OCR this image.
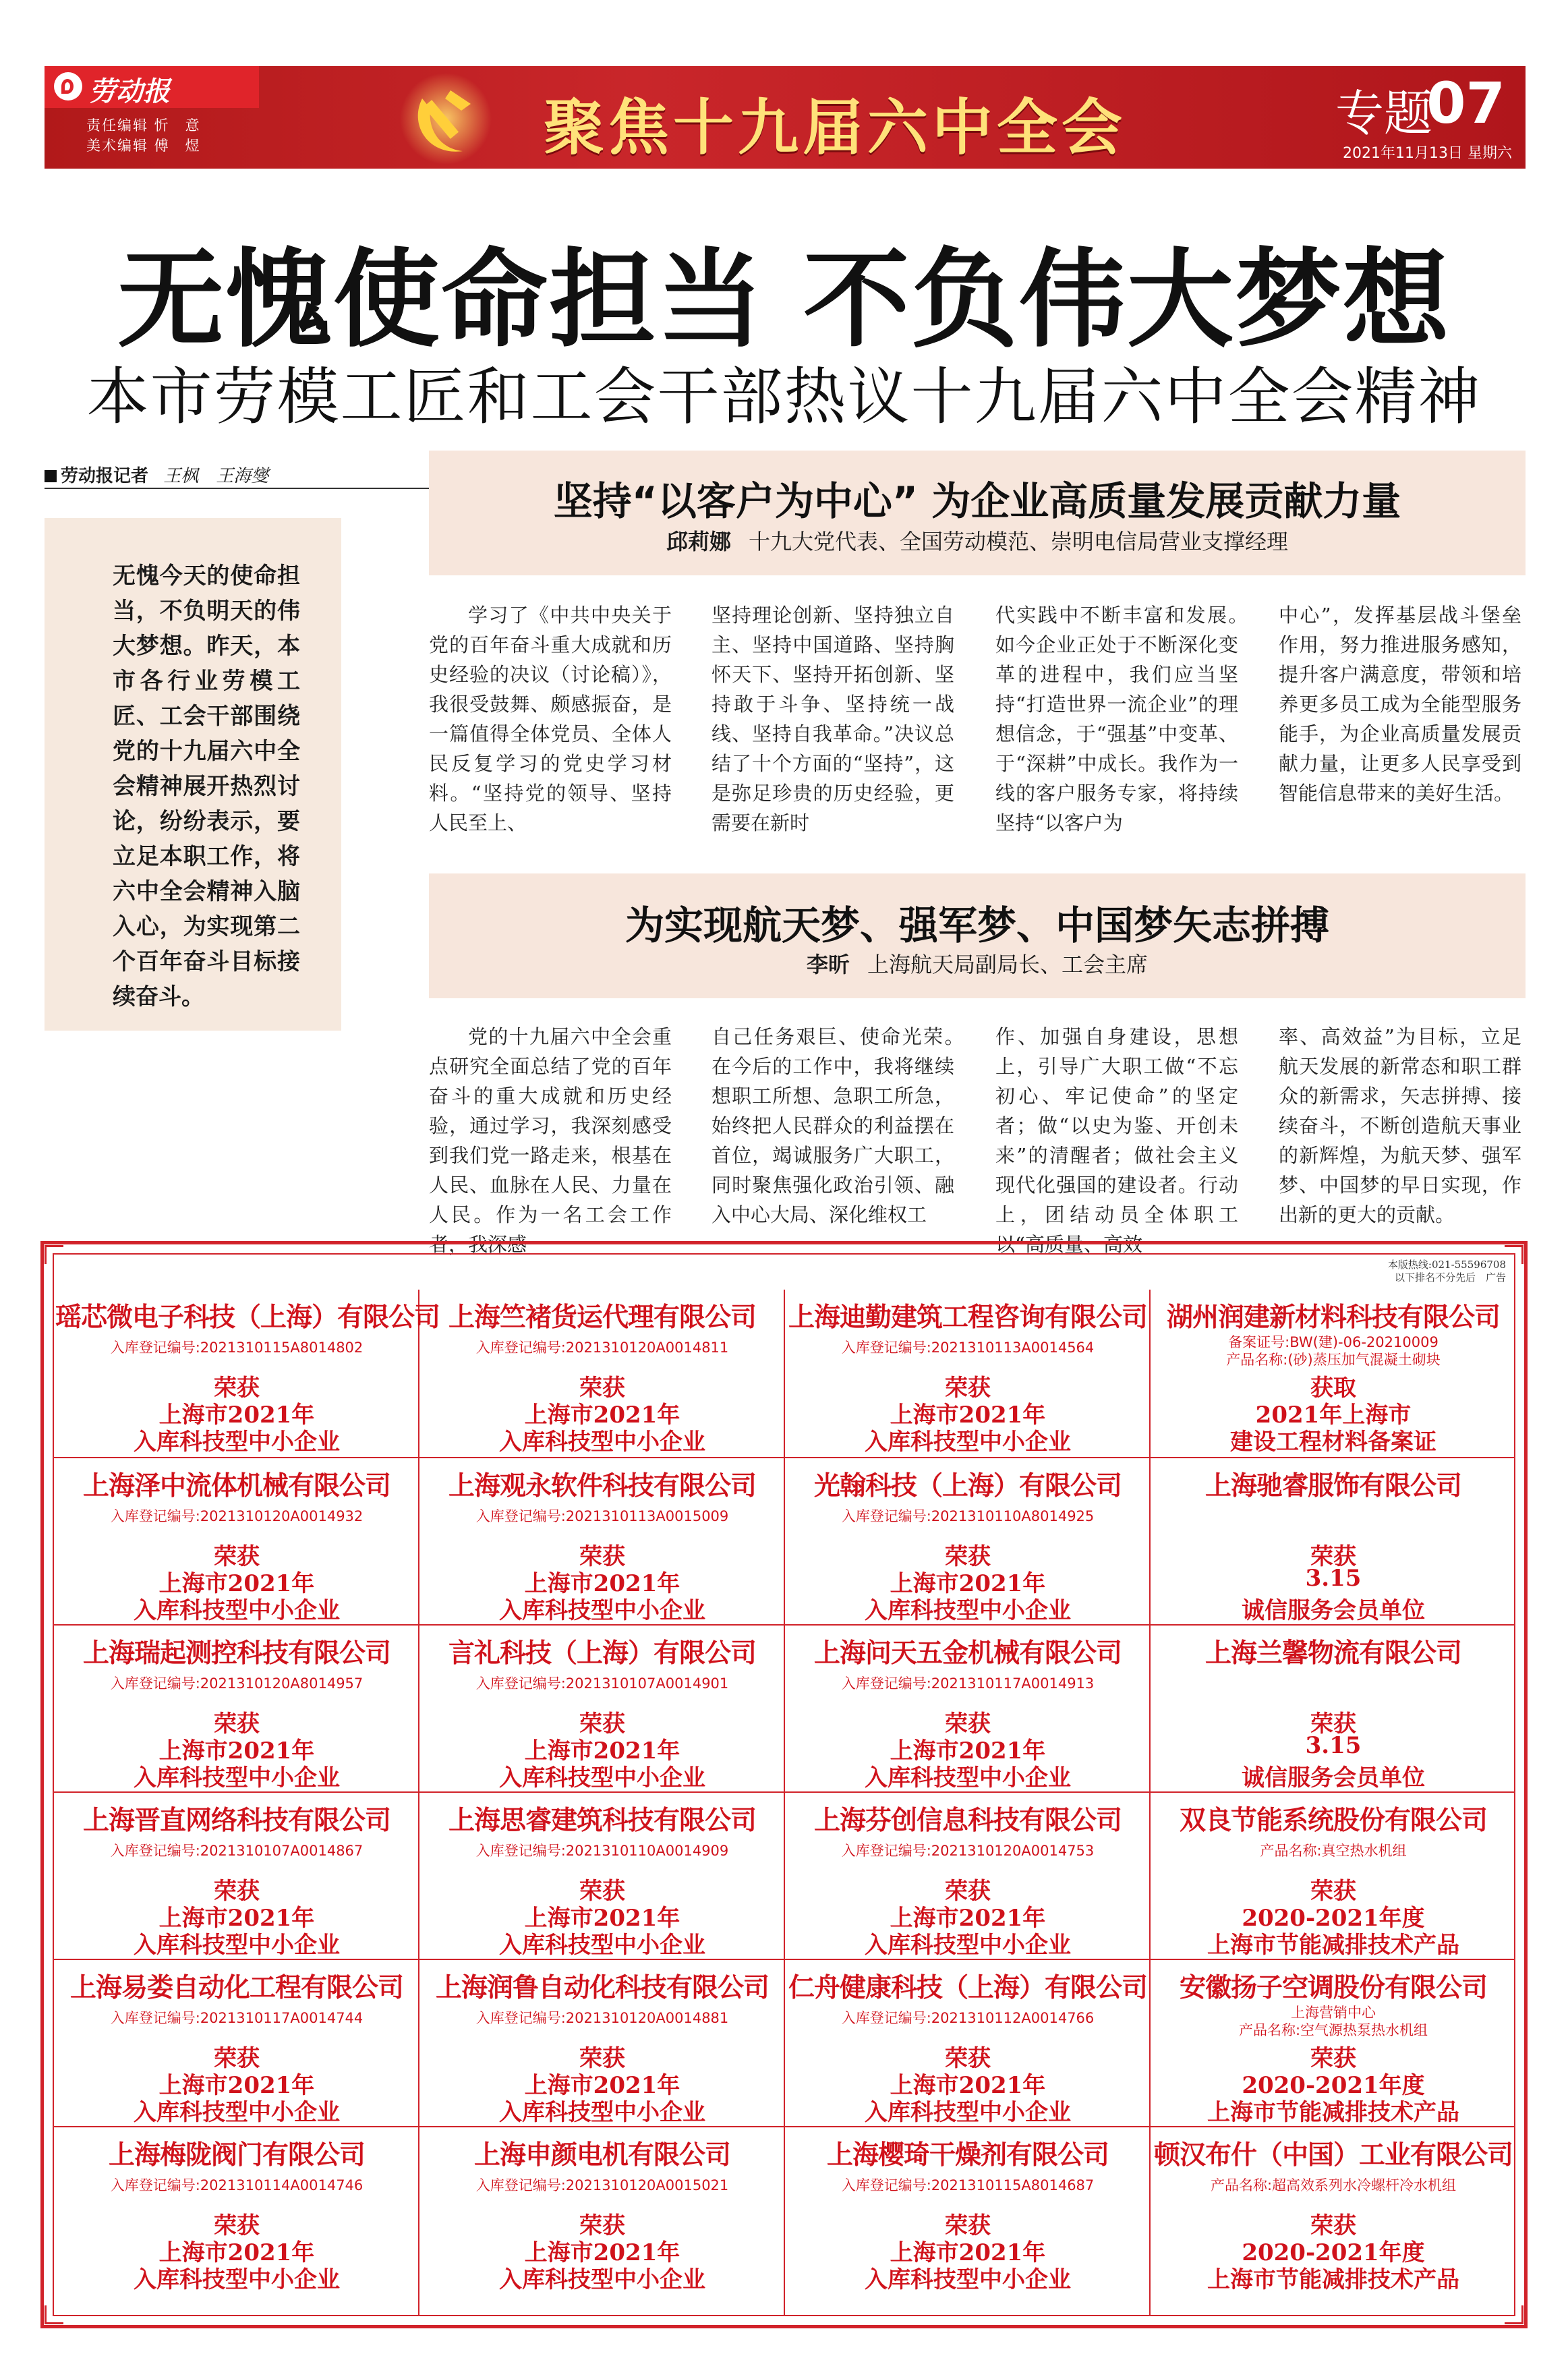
劳动报
责任编辑 忻　意
美术编辑 傅　煜	聚焦十九届六中全会	专题
07
2021年11月13日 星期六
无愧使命担当 不负伟大梦想
本市劳模工匠和工会干部热议十九届六中全会精神
劳动报记者 王枫　王海燮
无愧今天的使命担当，不负明天的伟大梦想。昨天，本市各行业劳模工匠、工会干部围绕党的十九届六中全会精神展开热烈讨论，纷纷表示，要立足本职工作，将六中全会精神入脑入心，为实现第二个百年奋斗目标接续奋斗。
坚持“以客户为中心” 为企业高质量发展贡献力量
邱莉娜 十九大党代表、全国劳动模范、崇明电信局营业支撑经理
学习了《中共中央关于党的百年奋斗重大成就和历史经验的决议（讨论稿）》，我很受鼓舞、颇感振奋，是一篇值得全体党员、全体人民反复学习的党史学习材料。“坚持党的领导、坚持人民至上、
坚持理论创新、坚持独立自主、坚持中国道路、坚持胸怀天下、坚持开拓创新、坚持敢于斗争、坚持统一战线、坚持自我革命。”决议总结了十个方面的“坚持”，这是弥足珍贵的历史经验，更需要在新时
代实践中不断丰富和发展。　如今企业正处于不断深化变革的进程中，我们应当坚持“打造世界一流企业”的理想信念，于“强基”中变革、于“深耕”中成长。我作为一线的客户服务专家，将持续坚持“以客户为
中心”，发挥基层战斗堡垒作用，努力推进服务感知，提升客户满意度，带领和培养更多员工成为全能型服务能手，为企业高质量发展贡献力量，让更多人民享受到智能信息带来的美好生活。
为实现航天梦、强军梦、中国梦矢志拼搏
李昕 上海航天局副局长、工会主席
党的十九届六中全会重点研究全面总结了党的百年奋斗的重大成就和历史经验，通过学习，我深刻感受到我们党一路走来，根基在人民、血脉在人民、力量在人民。作为一名工会工作者，我深感
自己任务艰巨、使命光荣。　在今后的工作中，我将继续想职工所想、急职工所急，始终把人民群众的利益摆在首位，竭诚服务广大职工，同时聚焦强化政治引领、融入中心大局、深化维权工
作、加强自身建设，思想上，引导广大职工做“不忘初心、牢记使命”的坚定者；做“以史为鉴、开创未来”的清醒者；做社会主义现代化强国的建设者。行动上，团结动员全体职工以“高质量、高效
率、高效益”为目标，立足航天发展的新常态和职工群众的新需求，矢志拼搏、接续奋斗，不断创造航天事业的新辉煌，为航天梦、强军梦、中国梦的早日实现，作出新的更大的贡献。
本版热线:021-55596708
以下排名不分先后　广告
瑶芯微电子科技（上海）有限公司
入库登记编号:2021310115A8014802
荣获
上海市2021年
入库科技型中小企业
上海竺褚货运代理有限公司
入库登记编号:2021310120A0014811
荣获
上海市2021年
入库科技型中小企业
上海迪勤建筑工程咨询有限公司
入库登记编号:2021310113A0014564
荣获
上海市2021年
入库科技型中小企业
湖州润建新材料科技有限公司
备案证号:BW(建)-06-20210009
产品名称:(砂)蒸压加气混凝土砌块
获取
2021年上海市
建设工程材料备案证
上海泽中流体机械有限公司
入库登记编号:2021310120A0014932
荣获
上海市2021年
入库科技型中小企业
上海观永软件科技有限公司
入库登记编号:2021310113A0015009
荣获
上海市2021年
入库科技型中小企业
光翰科技（上海）有限公司
入库登记编号:2021310110A8014925
荣获
上海市2021年
入库科技型中小企业
上海驰睿服饰有限公司
荣获
3.15
诚信服务会员单位
上海瑞起测控科技有限公司
入库登记编号:2021310120A8014957
荣获
上海市2021年
入库科技型中小企业
言礼科技（上海）有限公司
入库登记编号:2021310107A0014901
荣获
上海市2021年
入库科技型中小企业
上海问天五金机械有限公司
入库登记编号:2021310117A0014913
荣获
上海市2021年
入库科技型中小企业
上海兰馨物流有限公司
荣获
3.15
诚信服务会员单位
上海晋直网络科技有限公司
入库登记编号:2021310107A0014867
荣获
上海市2021年
入库科技型中小企业
上海思睿建筑科技有限公司
入库登记编号:2021310110A0014909
荣获
上海市2021年
入库科技型中小企业
上海芬创信息科技有限公司
入库登记编号:2021310120A0014753
荣获
上海市2021年
入库科技型中小企业
双良节能系统股份有限公司
产品名称:真空热水机组
荣获
2020-2021年度
上海市节能减排技术产品
上海易娄自动化工程有限公司
入库登记编号:2021310117A0014744
荣获
上海市2021年
入库科技型中小企业
上海润鲁自动化科技有限公司
入库登记编号:2021310120A0014881
荣获
上海市2021年
入库科技型中小企业
仁舟健康科技（上海）有限公司
入库登记编号:2021310112A0014766
荣获
上海市2021年
入库科技型中小企业
安徽扬子空调股份有限公司
上海营销中心
产品名称:空气源热泵热水机组
荣获
2020-2021年度
上海市节能减排技术产品
上海梅陇阀门有限公司
入库登记编号:2021310114A0014746
荣获
上海市2021年
入库科技型中小企业
上海申颜电机有限公司
入库登记编号:2021310120A0015021
荣获
上海市2021年
入库科技型中小企业
上海樱琦干燥剂有限公司
入库登记编号:2021310115A8014687
荣获
上海市2021年
入库科技型中小企业
顿汉布什（中国）工业有限公司
产品名称:超高效系列水冷螺杆冷水机组
荣获
2020-2021年度
上海市节能减排技术产品
